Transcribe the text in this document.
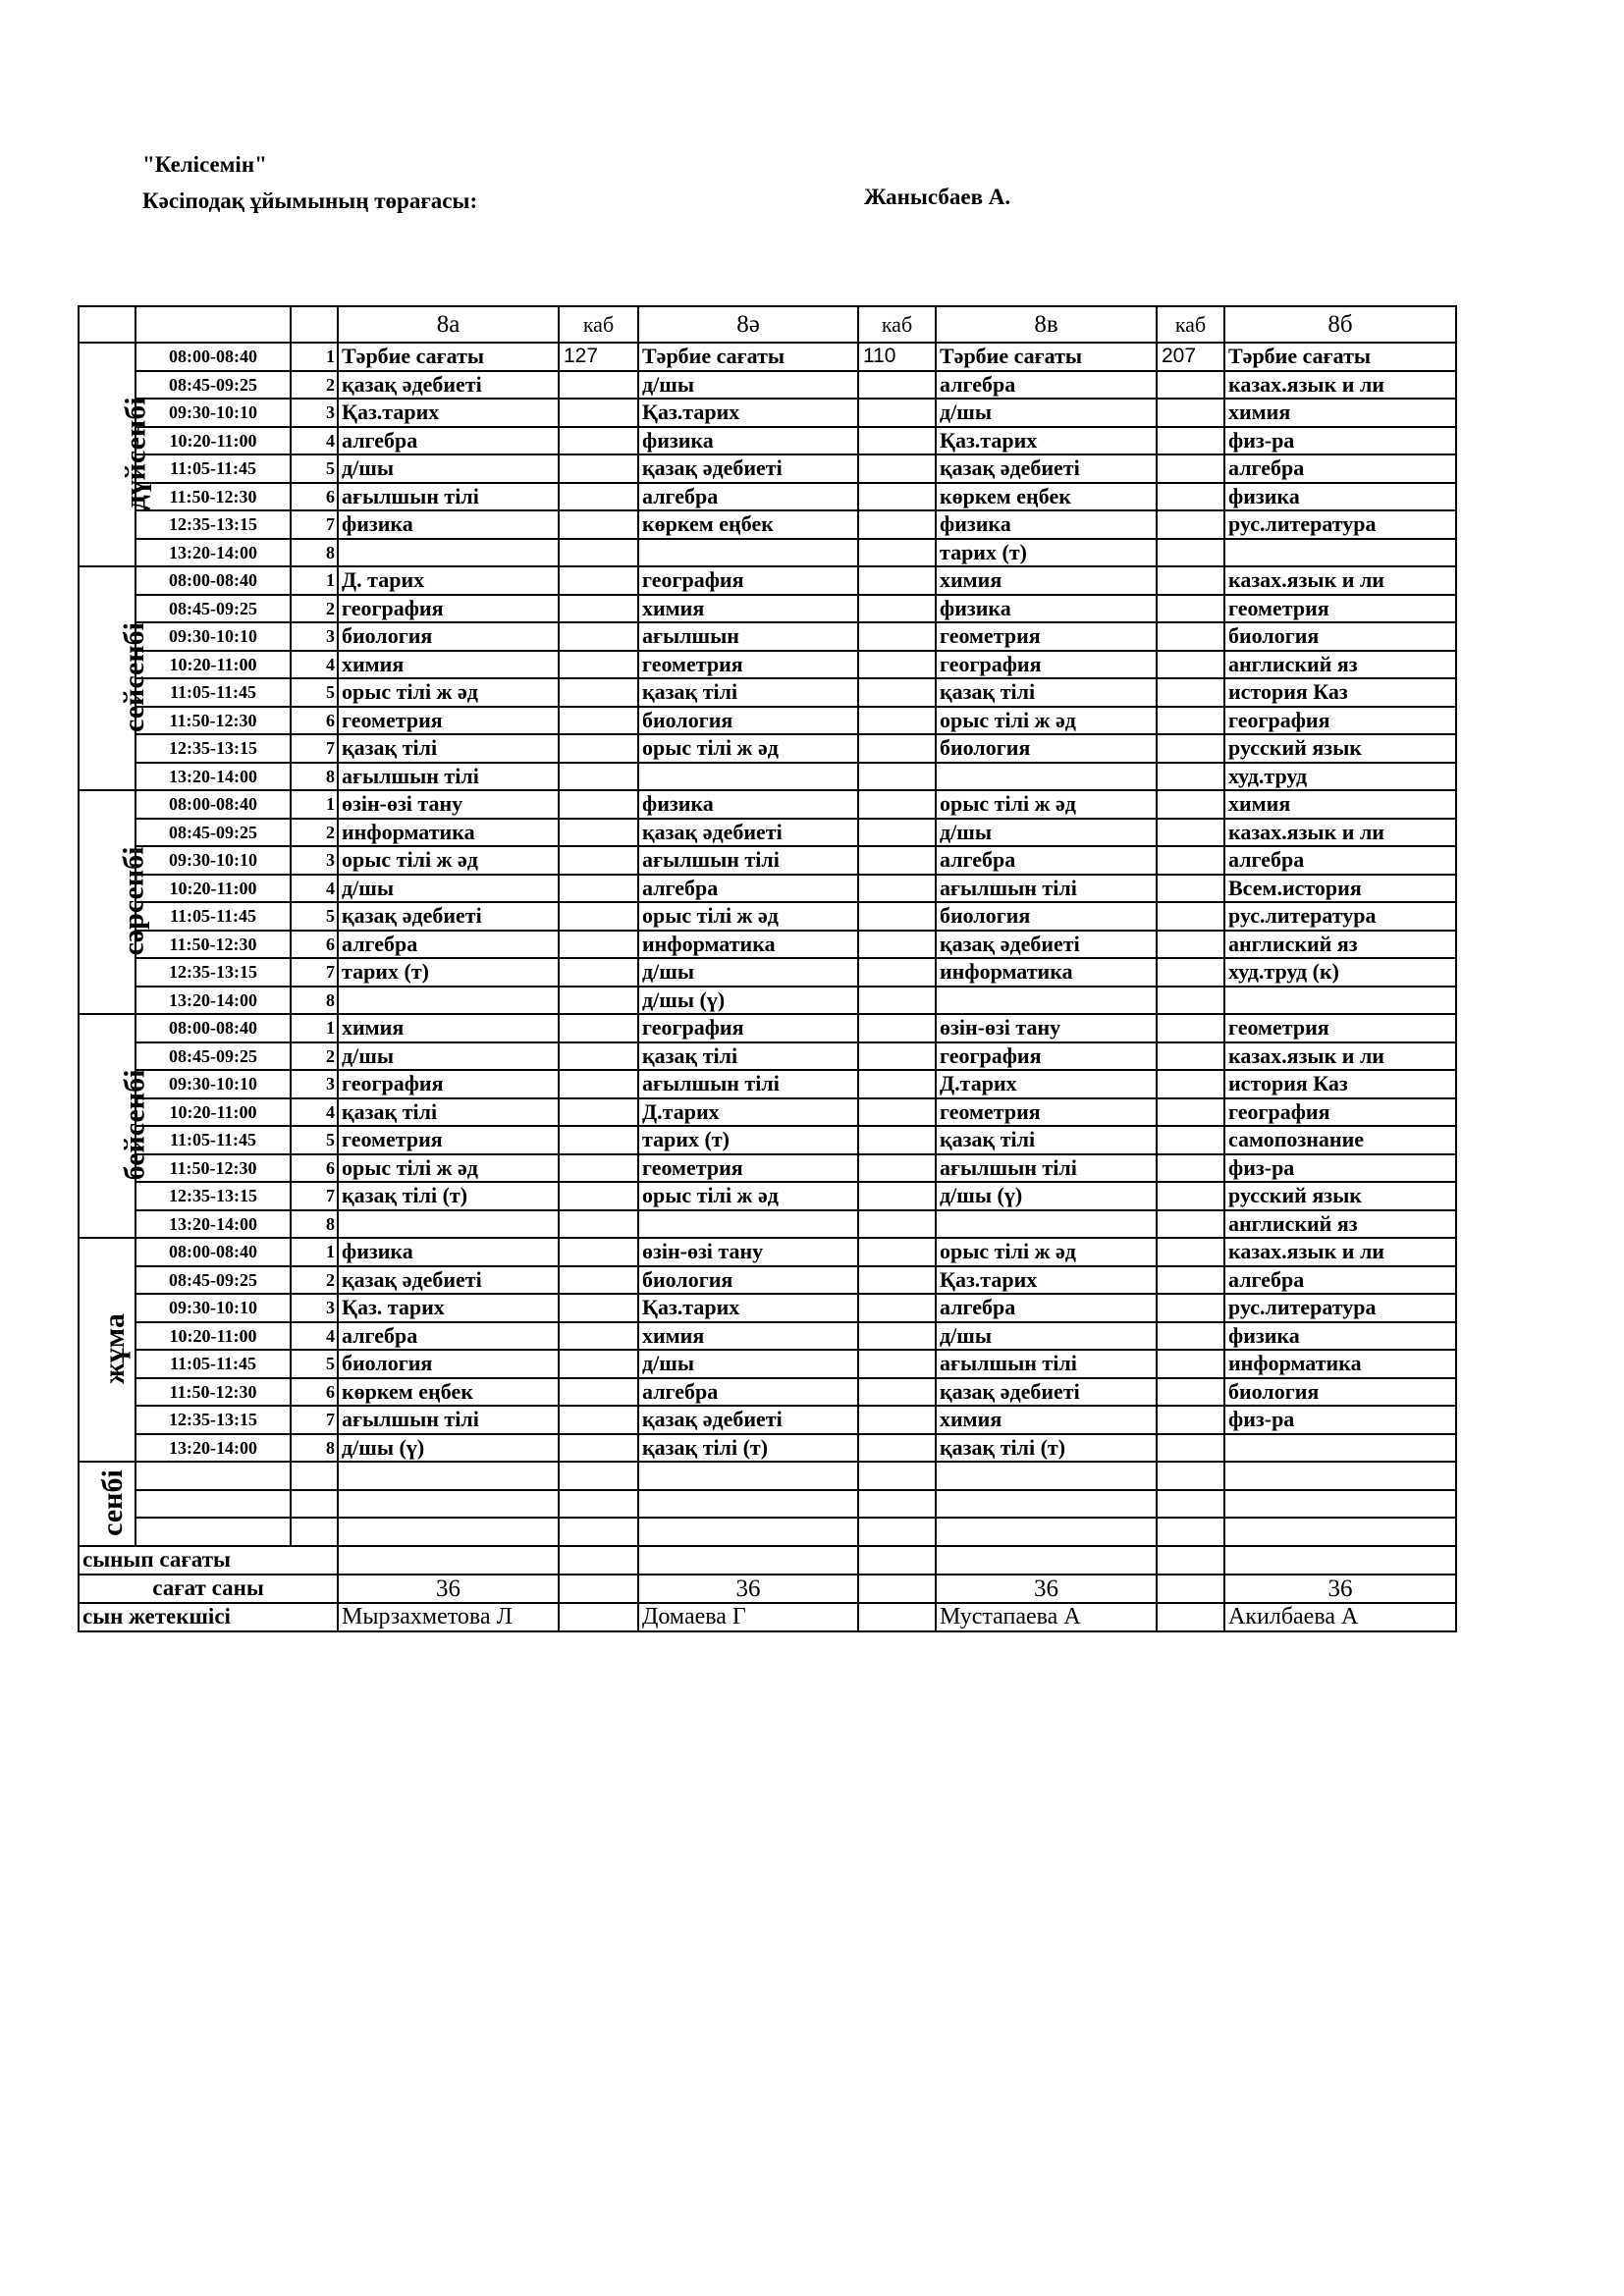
"Келісемін"
Кәсіподақ ұйымының төрағасы:	Жанысбаев А.
			8а	каб	8ә	каб	8в	каб	8б
дүйсенбі	08:00-08:40	1	Тәрбие сағаты	127	Тәрбие сағаты	110	Тәрбие сағаты	207	Тәрбие сағаты
	08:45-09:25	2	қазақ әдебиеті		д/шы		алгебра		казах.язык и ли
	09:30-10:10	3	Қаз.тарих		Қаз.тарих		д/шы		химия
	10:20-11:00	4	алгебра		физика		Қаз.тарих		физ-ра
	11:05-11:45	5	д/шы		қазақ әдебиеті		қазақ әдебиеті		алгебра
	11:50-12:30	6	ағылшын тілі		алгебра		көркем еңбек		физика
	12:35-13:15	7	физика		көркем еңбек		физика		рус.литература
	13:20-14:00	8					тарих (т)		
сейсенбі	08:00-08:40	1	Д. тарих		география		химия		казах.язык и ли
	08:45-09:25	2	география		химия		физика		геометрия
	09:30-10:10	3	биология		ағылшын		геометрия		биология
	10:20-11:00	4	химия		геометрия		география		англиский яз
	11:05-11:45	5	орыс тілі ж әд		қазақ тілі		қазақ тілі		история Каз
	11:50-12:30	6	геометрия		биология		орыс тілі ж әд		география
	12:35-13:15	7	қазақ тілі		орыс тілі ж әд		биология		русский язык
	13:20-14:00	8	ағылшын тілі						худ.труд
сәрсенбі	08:00-08:40	1	өзін-өзі тану		физика		орыс тілі ж әд		химия
	08:45-09:25	2	информатика		қазақ әдебиеті		д/шы		казах.язык и ли
	09:30-10:10	3	орыс тілі ж әд		ағылшын тілі		алгебра		алгебра
	10:20-11:00	4	д/шы		алгебра		ағылшын тілі		Всем.история
	11:05-11:45	5	қазақ әдебиеті		орыс тілі ж әд		биология		рус.литература
	11:50-12:30	6	алгебра		информатика		қазақ әдебиеті		англиский яз
	12:35-13:15	7	тарих (т)		д/шы		информатика		худ.труд (к)
	13:20-14:00	8			д/шы (ү)				
бейсенбі	08:00-08:40	1	химия		география		өзін-өзі тану		геометрия
	08:45-09:25	2	д/шы		қазақ тілі		география		казах.язык и ли
	09:30-10:10	3	география		ағылшын тілі		Д.тарих		история Каз
	10:20-11:00	4	қазақ тілі		Д.тарих		геометрия		география
	11:05-11:45	5	геометрия		тарих (т)		қазақ тілі		самопознание
	11:50-12:30	6	орыс тілі ж әд		геометрия		ағылшын тілі		физ-ра
	12:35-13:15	7	қазақ тілі (т)		орыс тілі ж әд		д/шы (ү)		русский язык
	13:20-14:00	8							англиский яз
жұма	08:00-08:40	1	физика		өзін-өзі тану		орыс тілі ж әд		казах.язык и ли
	08:45-09:25	2	қазақ әдебиеті		биология		Қаз.тарих		алгебра
	09:30-10:10	3	Қаз. тарих		Қаз.тарих		алгебра		рус.литература
	10:20-11:00	4	алгебра		химия		д/шы		физика
	11:05-11:45	5	биология		д/шы		ағылшын тілі		информатика
	11:50-12:30	6	көркем еңбек		алгебра		қазақ әдебиеті		биология
	12:35-13:15	7	ағылшын тілі		қазақ әдебиеті		химия		физ-ра
	13:20-14:00	8	д/шы (ү)		қазақ тілі (т)		қазақ тілі (т)		
сенбі									

сынып сағаты									
сағат саны			36		36		36		36
сын жетекшісі			Мырзахметова Л		Домаева Г		Мустапаева А		Акилбаева А
